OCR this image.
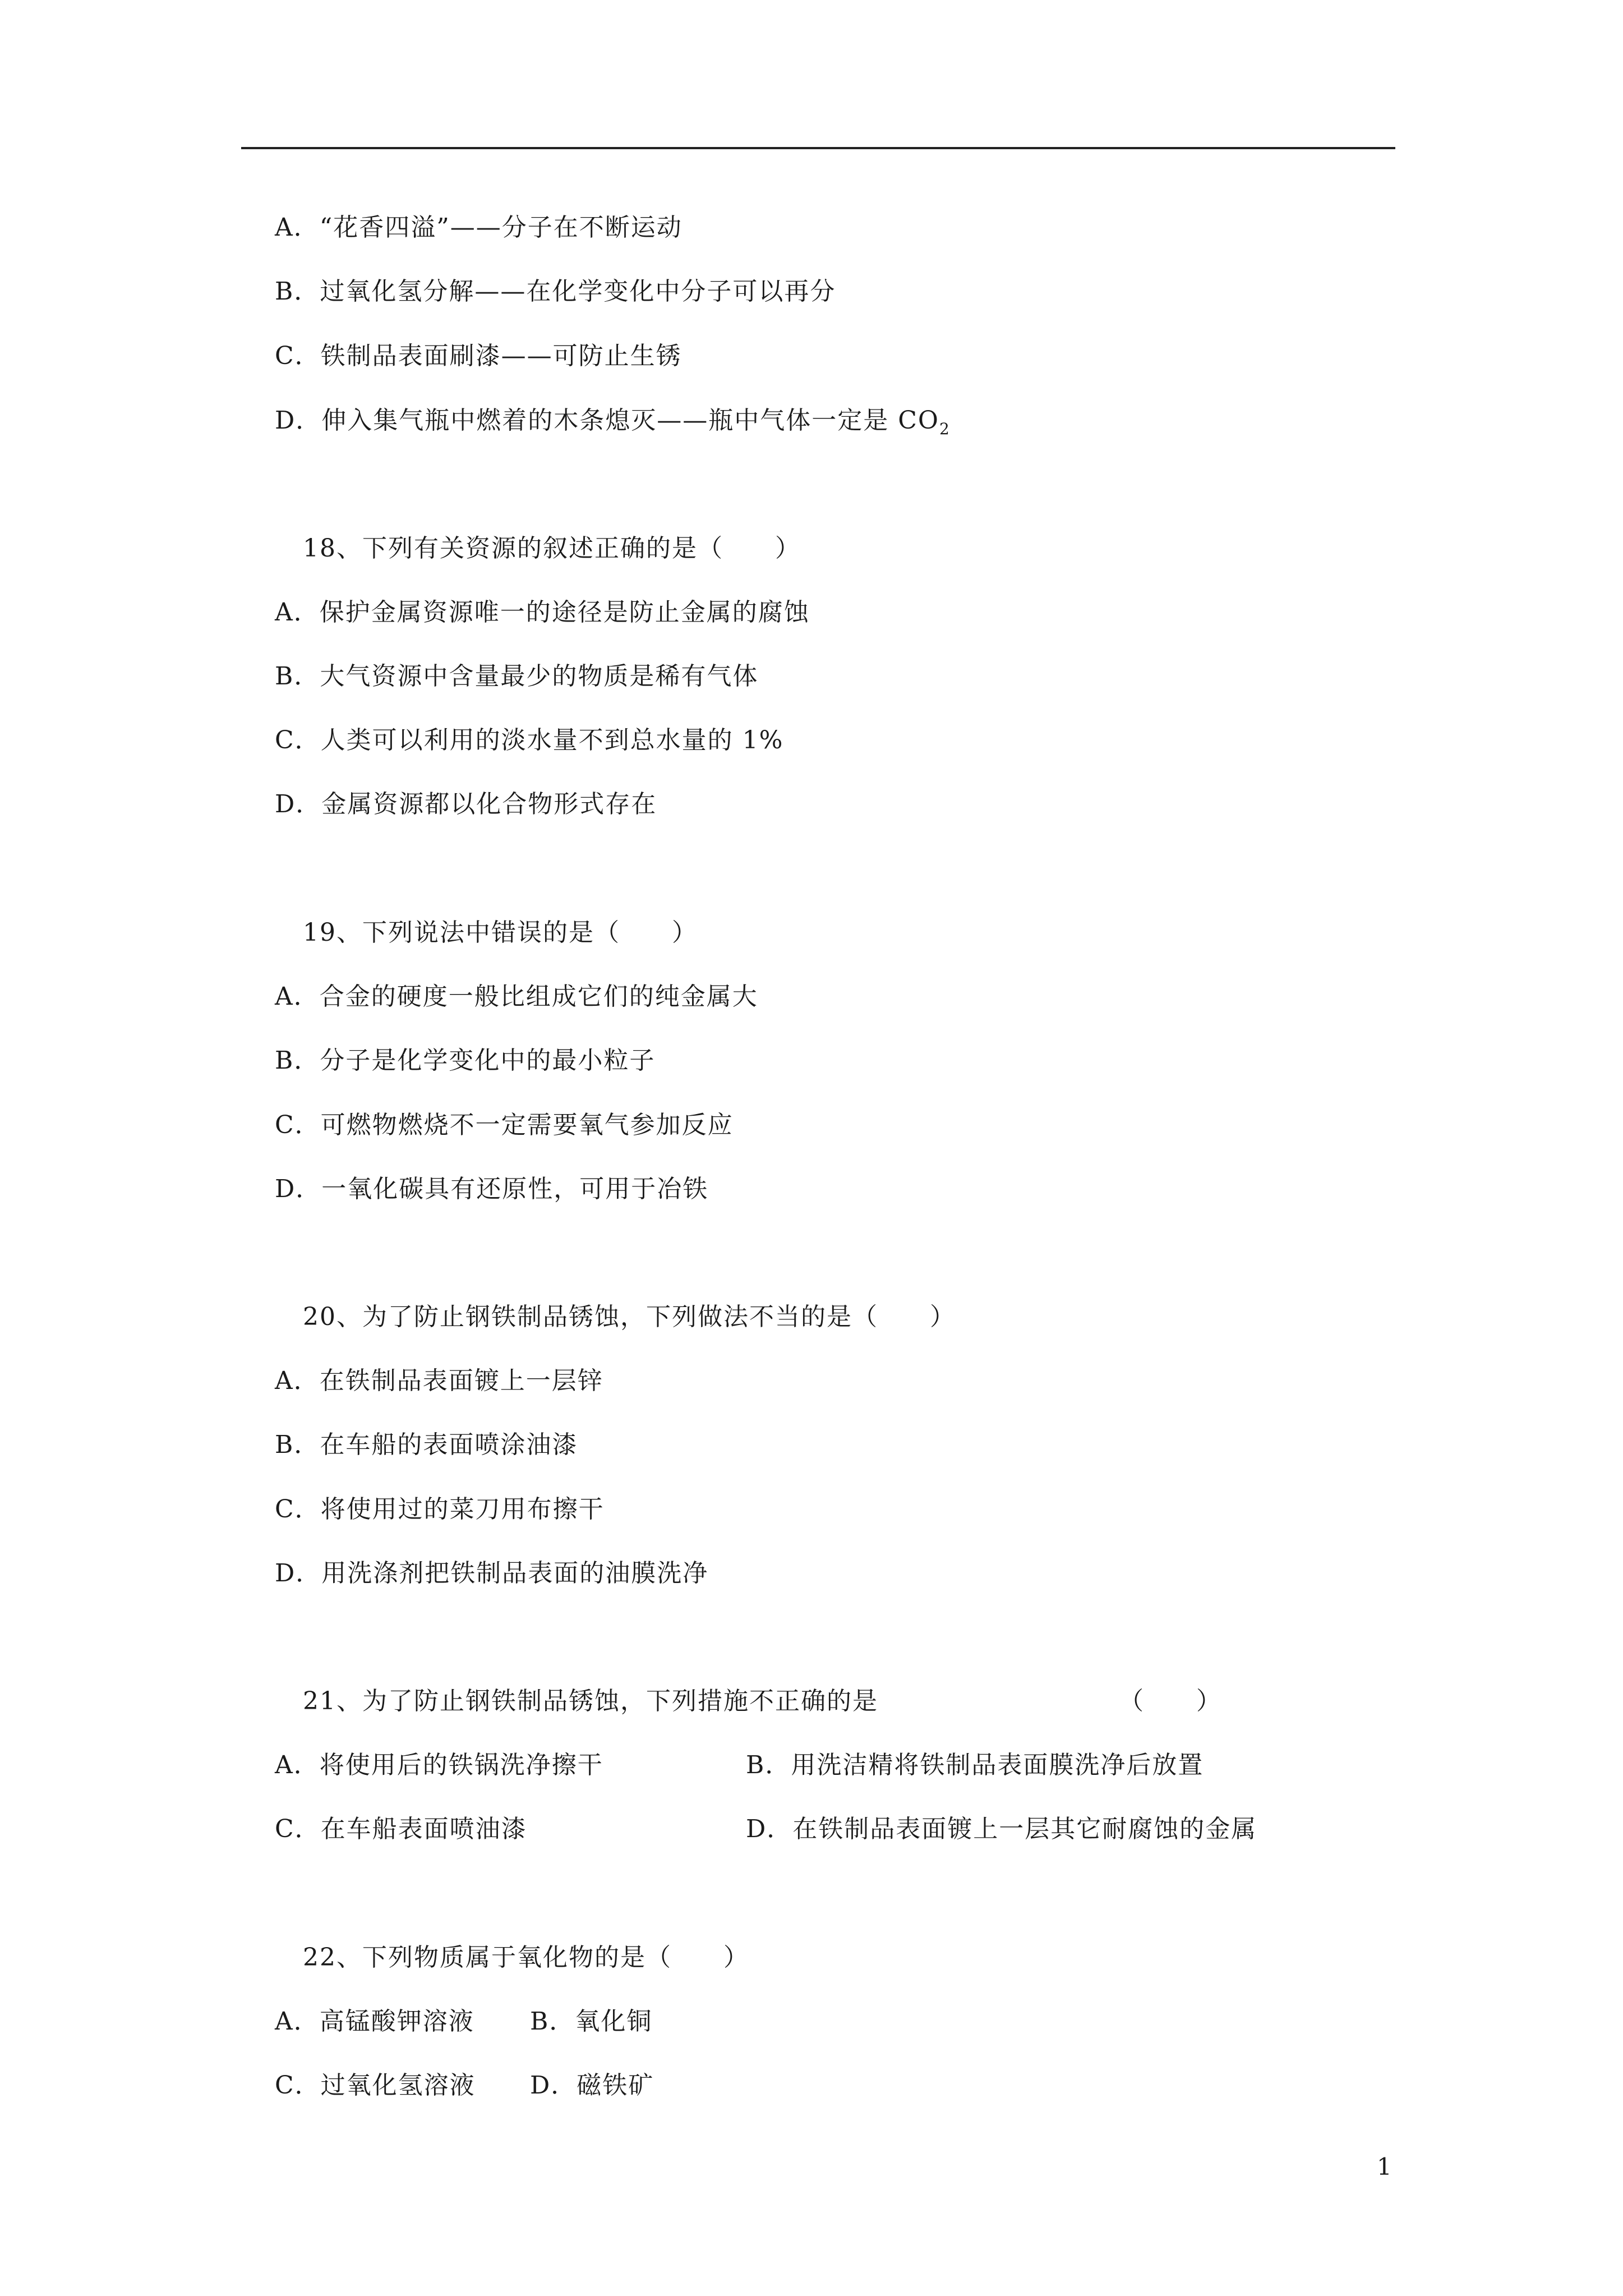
A．“花香四溢”——分子在不断运动
B．过氧化氢分解——在化学变化中分子可以再分
C．铁制品表面刷漆——可防止生锈
D．伸入集气瓶中燃着的木条熄灭——瓶中气体一定是 $CO_2$
18、下列有关资源的叙述正确的是（　　）
A．保护金属资源唯一的途径是防止金属的腐蚀
B．大气资源中含量最少的物质是稀有气体
C．人类可以利用的淡水量不到总水量的 1%
D．金属资源都以化合物形式存在
19、下列说法中错误的是（　　）
A．合金的硬度一般比组成它们的纯金属大
B．分子是化学变化中的最小粒子
C．可燃物燃烧不一定需要氧气参加反应
D．一氧化碳具有还原性，可用于冶铁
20、为了防止钢铁制品锈蚀，下列做法不当的是（　　）
A．在铁制品表面镀上一层锌
B．在车船的表面喷涂油漆
C．将使用过的菜刀用布擦干
D．用洗涤剂把铁制品表面的油膜洗净
21、为了防止钢铁制品锈蚀，下列措施不正确的是	（　　）
A．将使用后的铁锅洗净擦干	B．用洗洁精将铁制品表面膜洗净后放置
C．在车船表面喷油漆	D．在铁制品表面镀上一层其它耐腐蚀的金属
22、下列物质属于氧化物的是（　　）
A．高锰酸钾溶液 B．氧化铜
C．过氧化氢溶液 D．磁铁矿
1
